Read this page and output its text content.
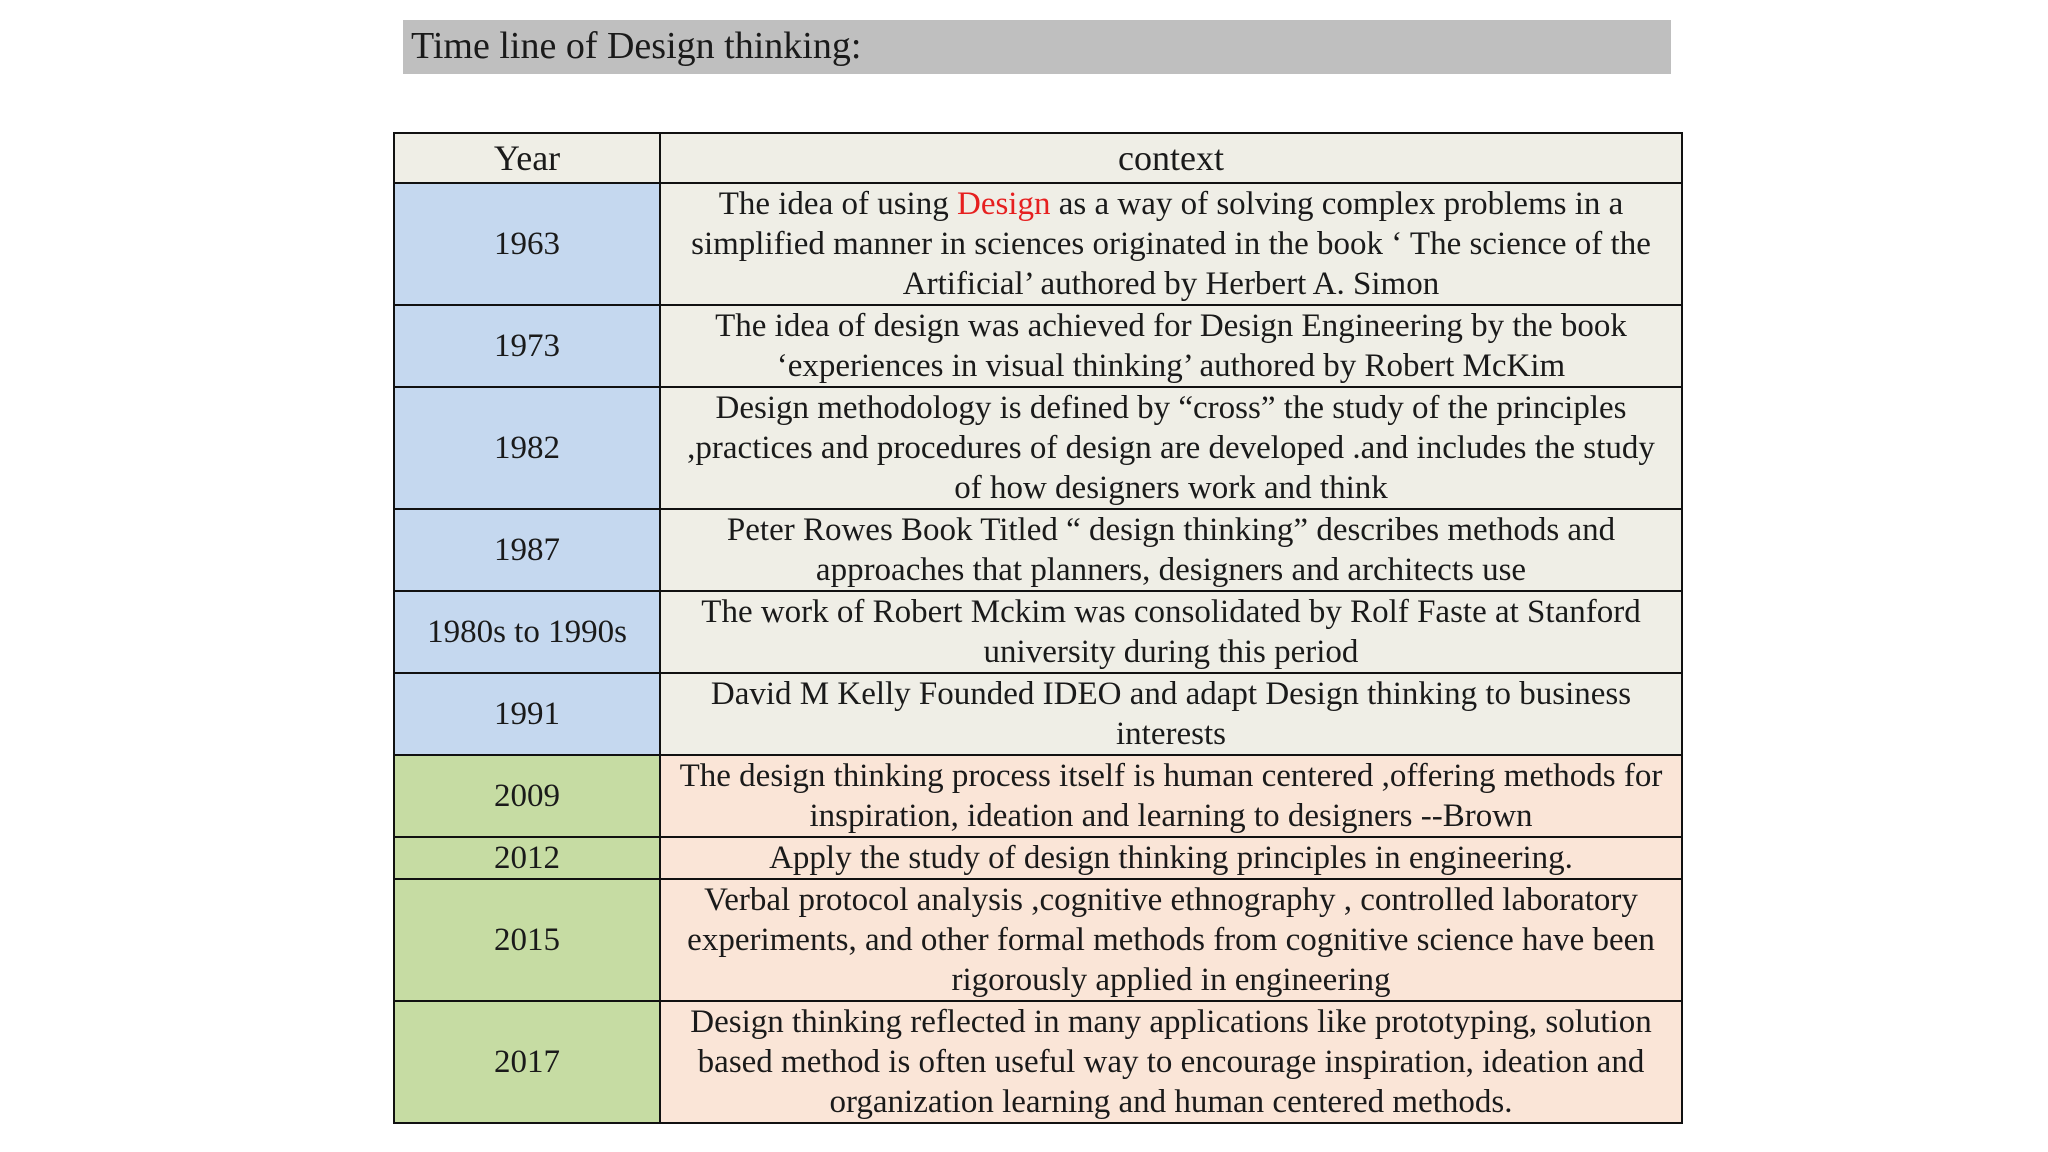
Time line of Design thinking:
Year	context
1963	The idea of using Design as a way of solving complex problems in a simplified manner in sciences originated in the book ‘ The science of the Artificial’ authored by Herbert A. Simon
1973	The idea of design was achieved for Design Engineering by the book ‘experiences in visual thinking’ authored by Robert McKim
1982	Design methodology is defined by “cross” the study of the principles ,practices and procedures of design are developed .and includes the study of how designers work and think
1987	Peter Rowes Book Titled “ design thinking” describes methods and approaches that planners, designers and architects use
1980s to 1990s	The work of Robert Mckim was consolidated by Rolf Faste at Stanford university during this period
1991	David M Kelly Founded IDEO and adapt Design thinking to business interests
2009	The design thinking process itself is human centered ,offering methods for inspiration, ideation and learning to designers --Brown
2012	Apply the study of design thinking principles in engineering.
2015	Verbal protocol analysis ,cognitive ethnography , controlled laboratory experiments, and other formal methods from cognitive science have been rigorously applied in engineering
2017	Design thinking reflected in many applications like prototyping, solution based method is often useful way to encourage inspiration, ideation and organization learning and human centered methods.
